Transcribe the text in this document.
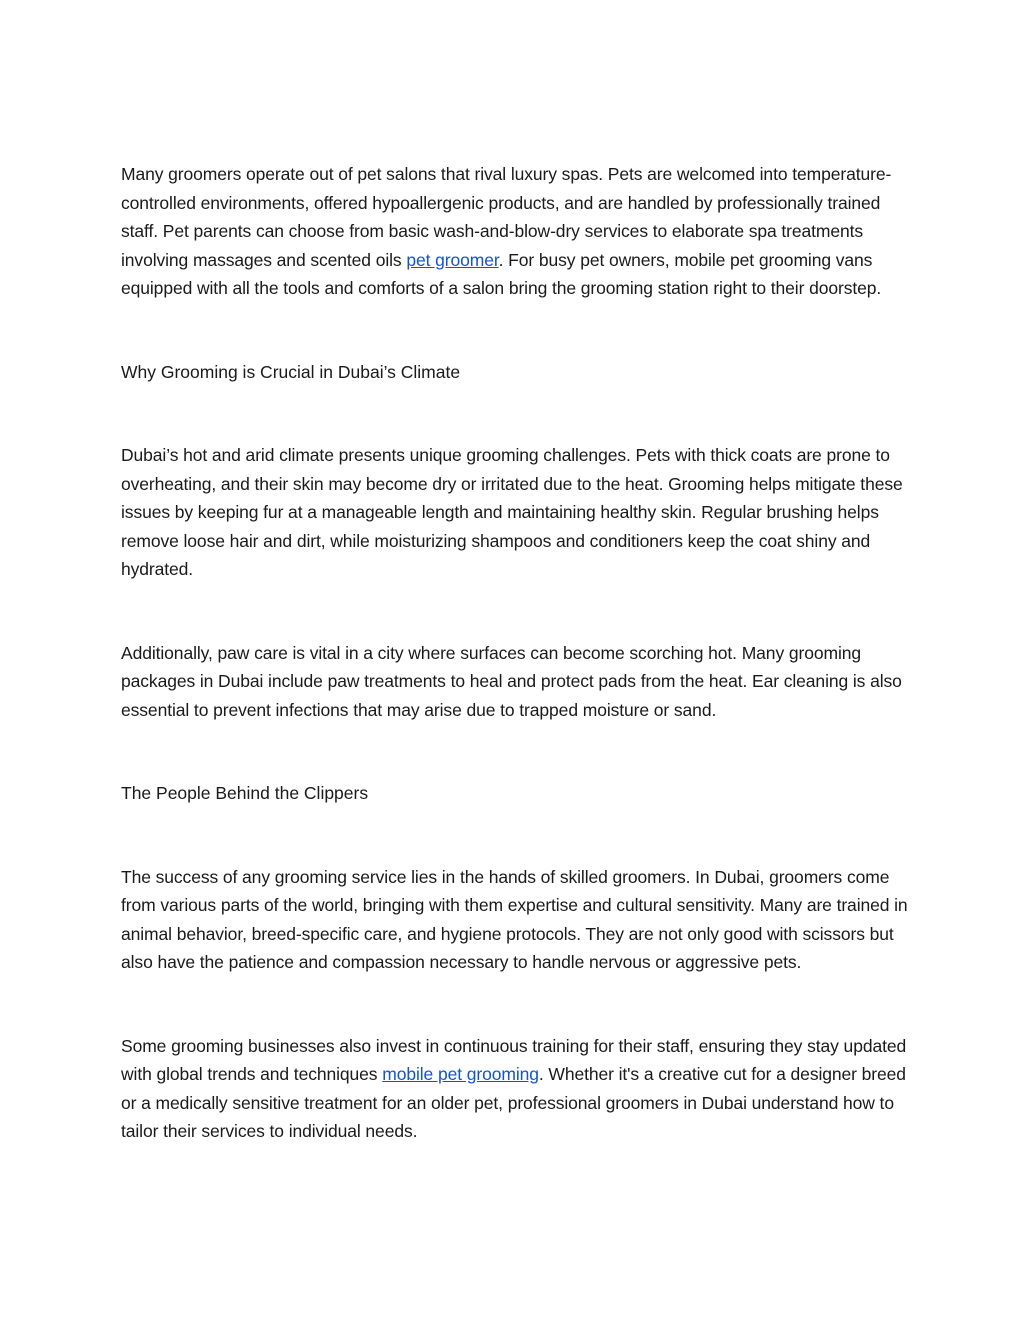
Many groomers operate out of pet salons that rival luxury spas. Pets are welcomed into temperature-controlled environments, offered hypoallergenic products, and are handled by professionally trained staff. Pet parents can choose from basic wash-and-blow-dry services to elaborate spa treatments involving massages and scented oils pet groomer. For busy pet owners, mobile pet grooming vans equipped with all the tools and comforts of a salon bring the grooming station right to their doorstep.

Why Grooming is Crucial in Dubai’s Climate

Dubai’s hot and arid climate presents unique grooming challenges. Pets with thick coats are prone to overheating, and their skin may become dry or irritated due to the heat. Grooming helps mitigate these issues by keeping fur at a manageable length and maintaining healthy skin. Regular brushing helps remove loose hair and dirt, while moisturizing shampoos and conditioners keep the coat shiny and hydrated.

Additionally, paw care is vital in a city where surfaces can become scorching hot. Many grooming packages in Dubai include paw treatments to heal and protect pads from the heat. Ear cleaning is also essential to prevent infections that may arise due to trapped moisture or sand.

The People Behind the Clippers

The success of any grooming service lies in the hands of skilled groomers. In Dubai, groomers come from various parts of the world, bringing with them expertise and cultural sensitivity. Many are trained in animal behavior, breed-specific care, and hygiene protocols. They are not only good with scissors but also have the patience and compassion necessary to handle nervous or aggressive pets.

Some grooming businesses also invest in continuous training for their staff, ensuring they stay updated with global trends and techniques mobile pet grooming. Whether it's a creative cut for a designer breed or a medically sensitive treatment for an older pet, professional groomers in Dubai understand how to tailor their services to individual needs.
